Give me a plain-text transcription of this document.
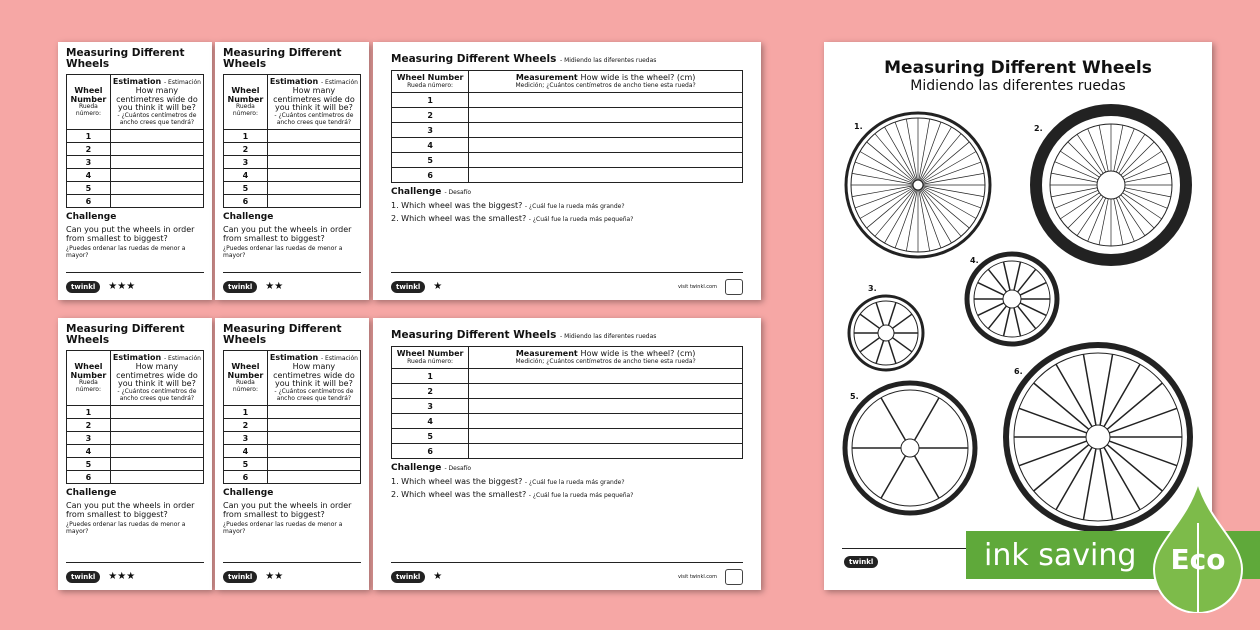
Measuring Different Wheels
Wheel Number
Rueda número:	Estimation - Estimación
How many centimetres wide do you think it will be?
- ¿Cuántos centímetros de ancho crees que tendrá?

1	
2	
3	
4	
5	
6	
Challenge
Can you put the wheels in order from smallest to biggest?
¿Puedes ordenar las ruedas de menor a mayor?
twinkl	★★★
Measuring Different Wheels
Wheel Number
Rueda número:	Estimation - Estimación
How many centimetres wide do you think it will be?
- ¿Cuántos centímetros de ancho crees que tendrá?

1	
2	
3	
4	
5	
6	
Challenge
Can you put the wheels in order from smallest to biggest?
¿Puedes ordenar las ruedas de menor a mayor?
twinkl	★★
Measuring Different Wheels - Midiendo las diferentes ruedas
Wheel Number
Rueda número:	Measurement How wide is the wheel? (cm)
Medición; ¿Cuántos centímetros de ancho tiene esta rueda?

1	
2	
3	
4	
5	
6	
Challenge - Desafío
1. Which wheel was the biggest? - ¿Cuál fue la rueda más grande?
2. Which wheel was the smallest? - ¿Cuál fue la rueda más pequeña?
twinkl	★	visit twinkl.com
Measuring Different Wheels
Wheel Number
Rueda número:	Estimation - Estimación
How many centimetres wide do you think it will be?
- ¿Cuántos centímetros de ancho crees que tendrá?

1	
2	
3	
4	
5	
6	
Challenge
Can you put the wheels in order from smallest to biggest?
¿Puedes ordenar las ruedas de menor a mayor?
twinkl	★★★
Measuring Different Wheels
Wheel Number
Rueda número:	Estimation - Estimación
How many centimetres wide do you think it will be?
- ¿Cuántos centímetros de ancho crees que tendrá?

1	
2	
3	
4	
5	
6	
Challenge
Can you put the wheels in order from smallest to biggest?
¿Puedes ordenar las ruedas de menor a mayor?
twinkl	★★
Measuring Different Wheels - Midiendo las diferentes ruedas
Wheel Number
Rueda número:	Measurement How wide is the wheel? (cm)
Medición; ¿Cuántos centímetros de ancho tiene esta rueda?

1	
2	
3	
4	
5	
6	
Challenge - Desafío
1. Which wheel was the biggest? - ¿Cuál fue la rueda más grande?
2. Which wheel was the smallest? - ¿Cuál fue la rueda más pequeña?
twinkl	★	visit twinkl.com
Measuring Different Wheels
Midiendo las diferentes ruedas
1.	2.
3.
4.
5.
6.
twinkl	ink saving	Eco
